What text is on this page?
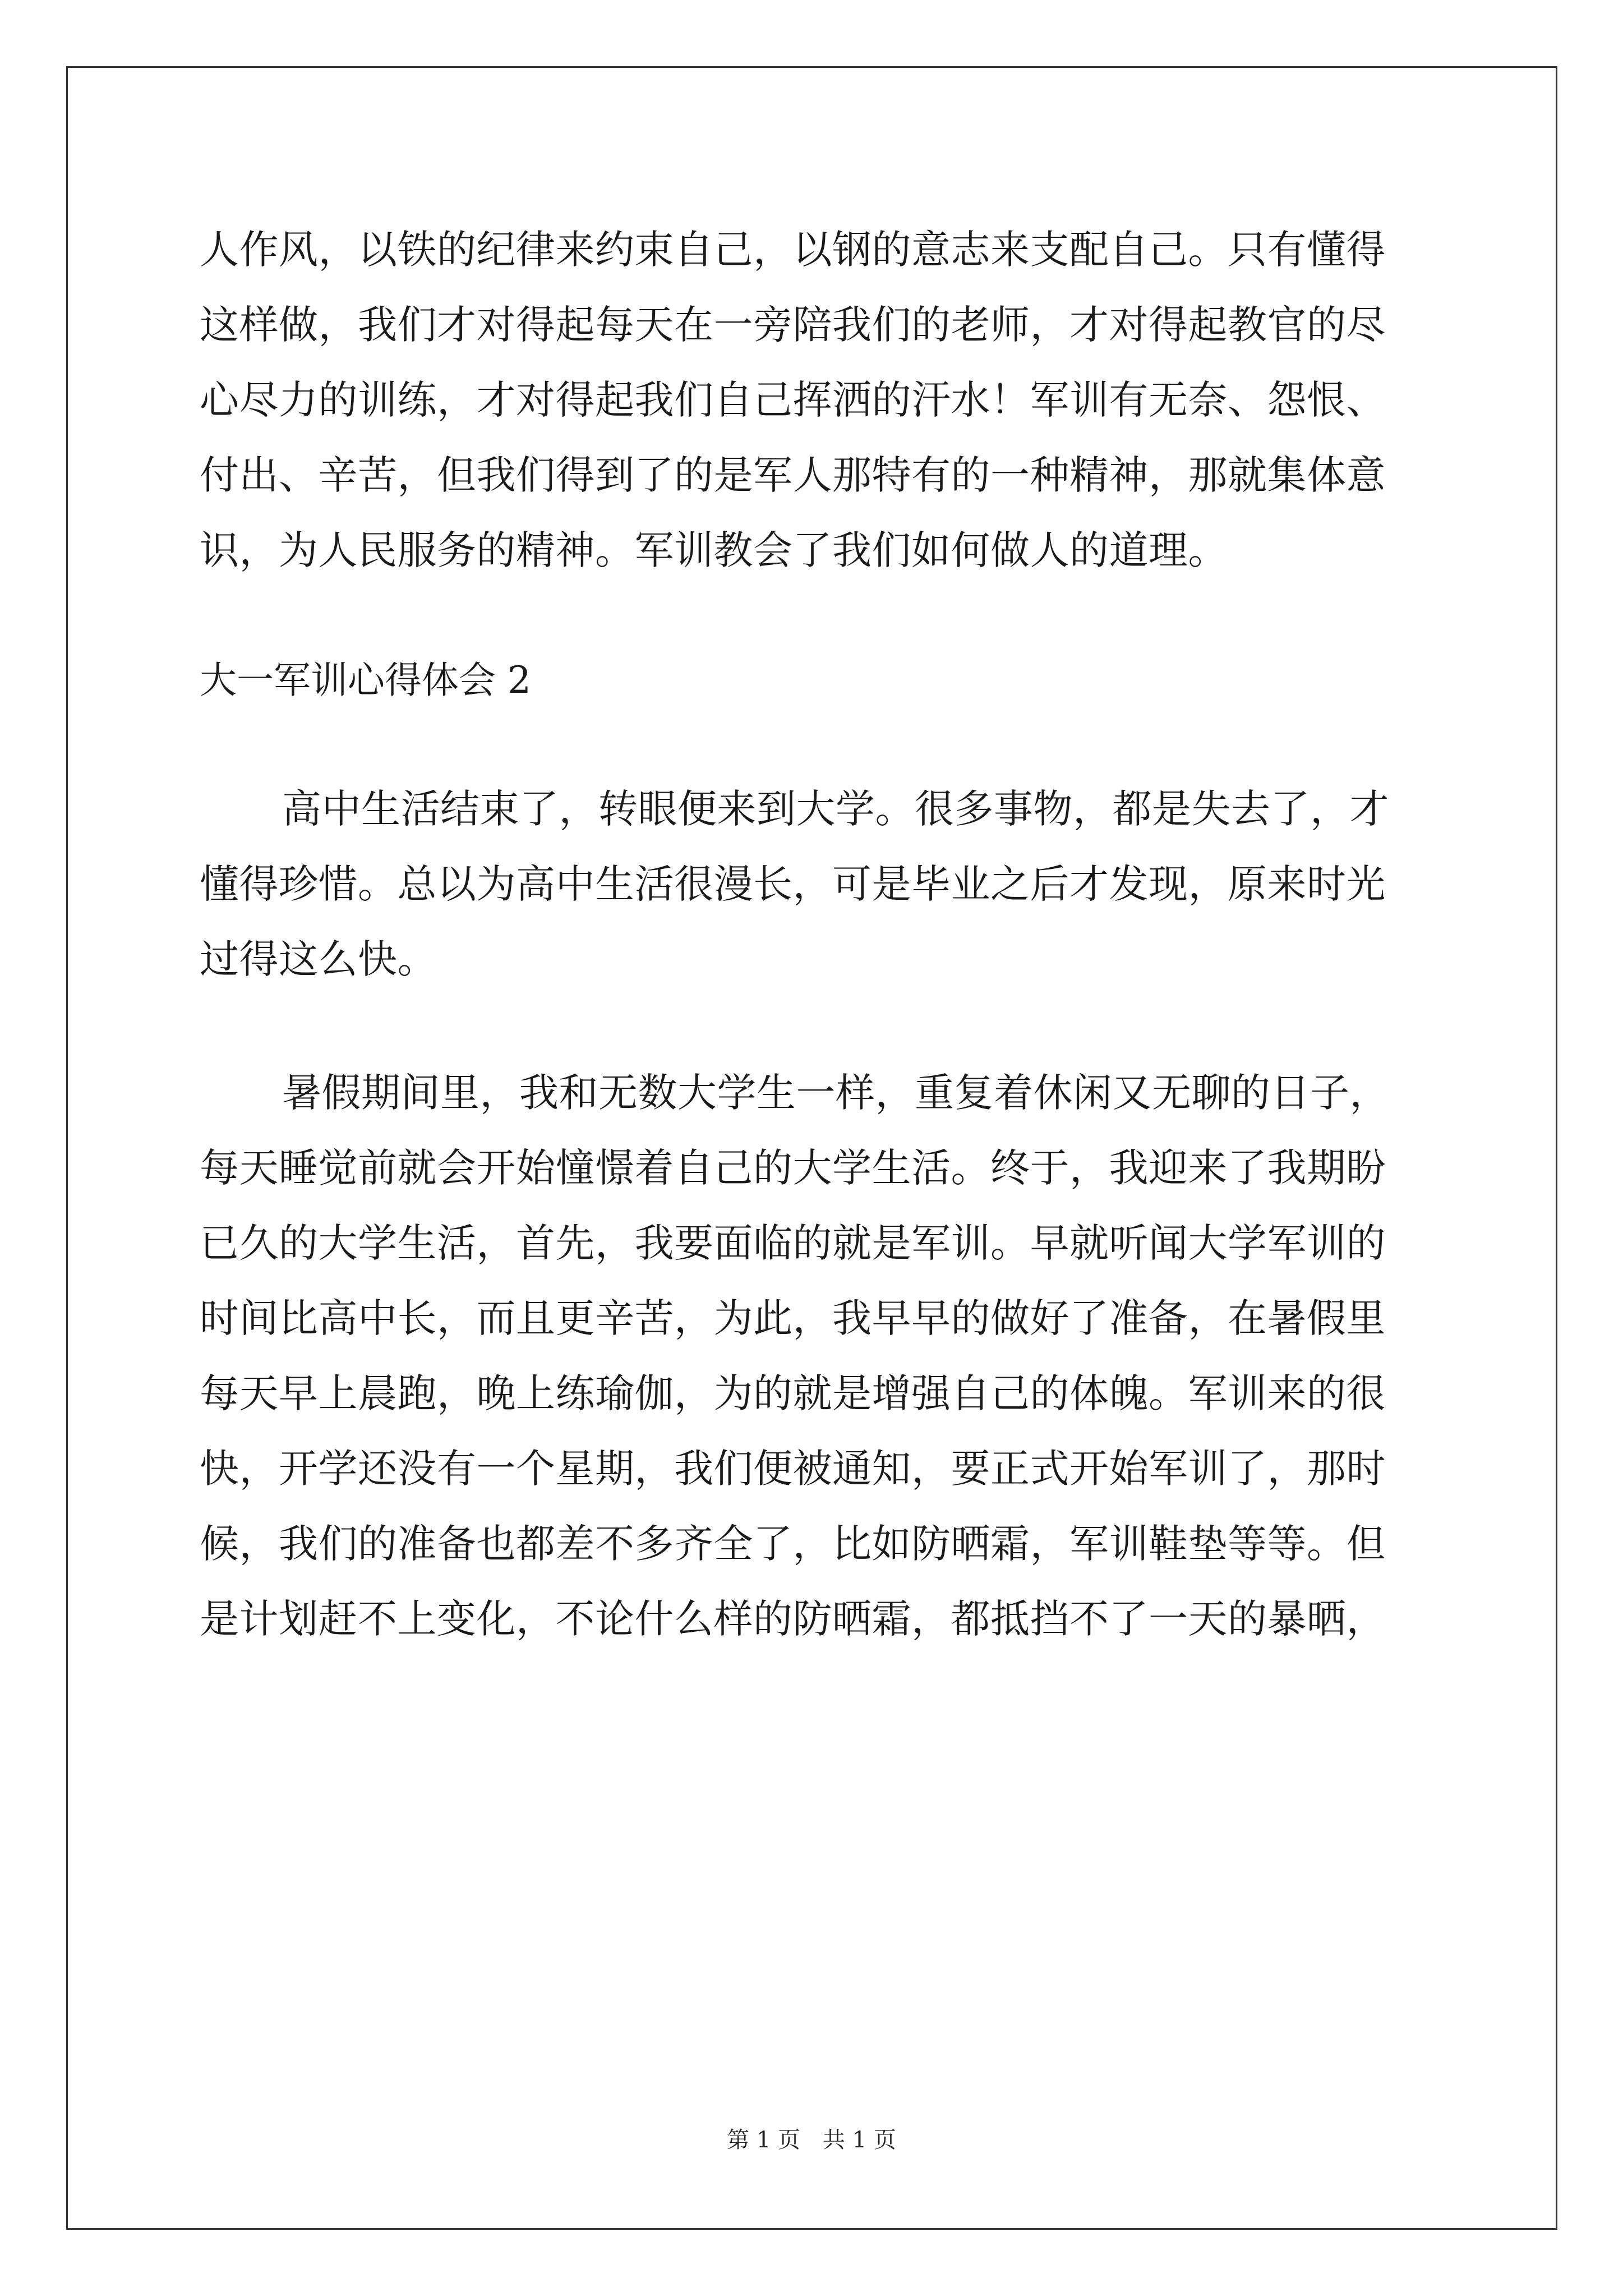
人作风，以铁的纪律来约束自己，以钢的意志来支配自己。只有懂得
这样做，我们才对得起每天在一旁陪我们的老师，才对得起教官的尽
心尽力的训练，才对得起我们自己挥洒的汗水！军训有无奈、怨恨、
付出、辛苦，但我们得到了的是军人那特有的一种精神，那就集体意
识，为人民服务的精神。军训教会了我们如何做人的道理。
大一军训心得体会 2
高中生活结束了，转眼便来到大学。很多事物，都是失去了，才
懂得珍惜。总以为高中生活很漫长，可是毕业之后才发现，原来时光
过得这么快。
暑假期间里，我和无数大学生一样，重复着休闲又无聊的日子，
每天睡觉前就会开始憧憬着自己的大学生活。终于，我迎来了我期盼
已久的大学生活，首先，我要面临的就是军训。早就听闻大学军训的
时间比高中长，而且更辛苦，为此，我早早的做好了准备，在暑假里
每天早上晨跑，晚上练瑜伽，为的就是增强自己的体魄。军训来的很
快，开学还没有一个星期，我们便被通知，要正式开始军训了，那时
候，我们的准备也都差不多齐全了，比如防晒霜，军训鞋垫等等。但
是计划赶不上变化，不论什么样的防晒霜，都抵挡不了一天的暴晒，
第 1 页　共 1 页
